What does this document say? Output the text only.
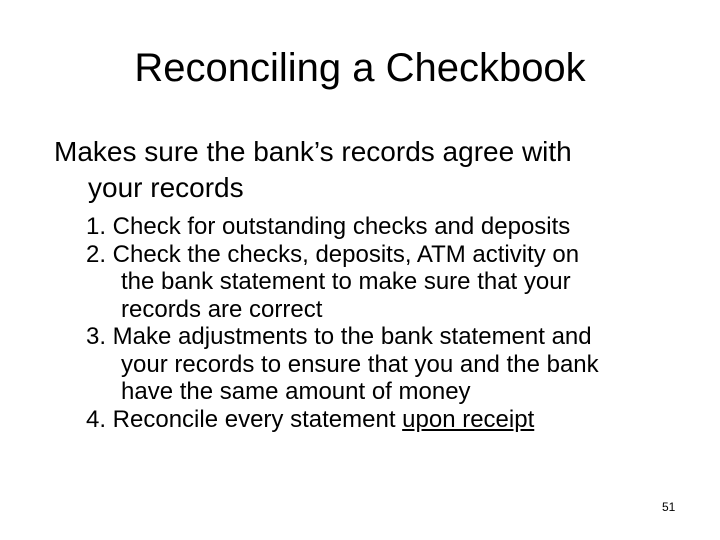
Reconciling a Checkbook
Makes sure the bank’s records agree with
your records
1. Check for outstanding checks and deposits
2. Check the checks, deposits, ATM activity on
the bank statement to make sure that your
records are correct
3. Make adjustments to the bank statement and
your records to ensure that you and the bank
have the same amount of money
4. Reconcile every statement upon receipt
51
